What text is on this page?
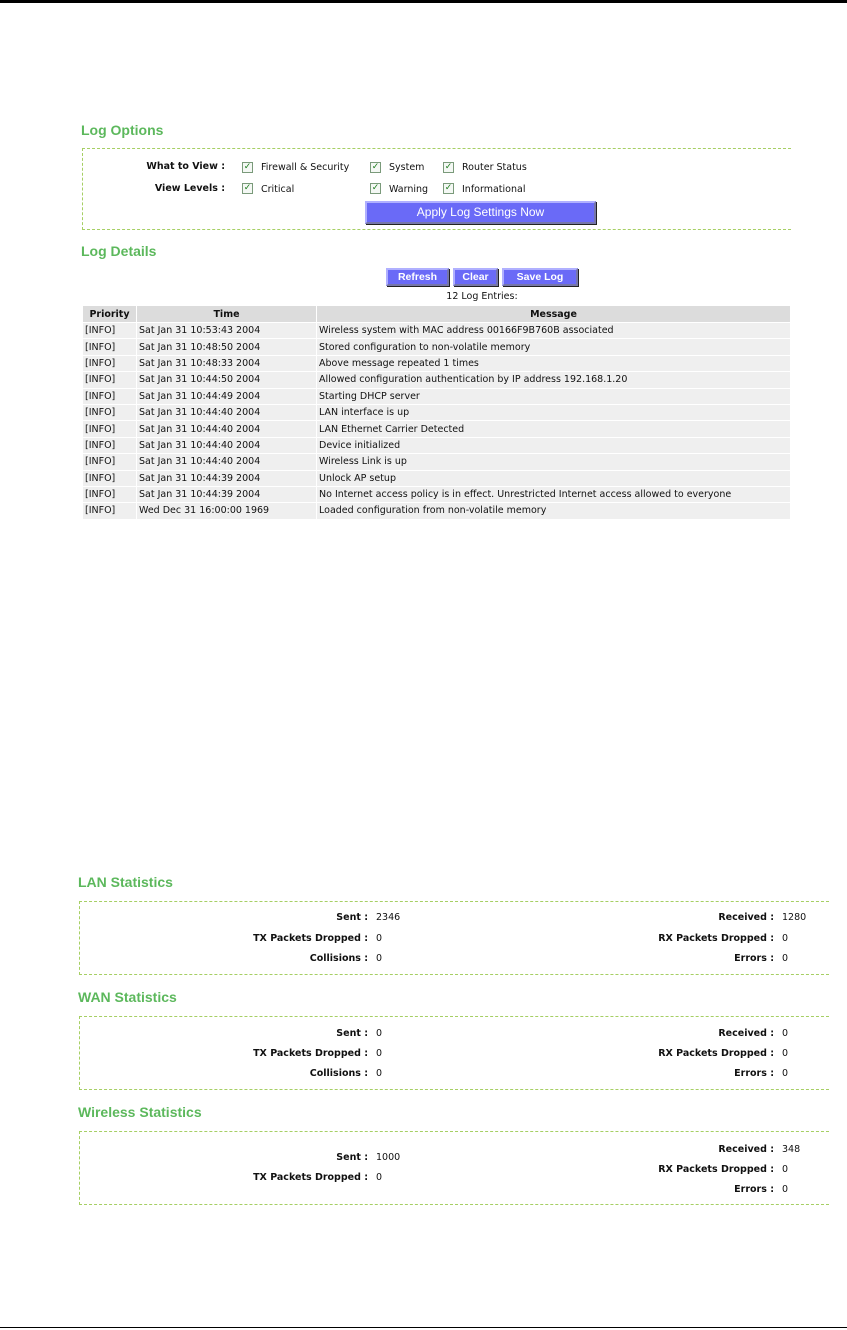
Log Options
What to View : ✓ Firewall & Security ✓ System ✓ Router Status
View Levels : ✓ Critical	✓ Warning ✓ Informational
Apply Log Settings Now
Log Details
Refresh	Clear	Save Log
12 Log Entries:
Priority	Time	Message
[INFO]	Sat Jan 31 10:53:43 2004	Wireless system with MAC address 00166F9B760B associated
[INFO]	Sat Jan 31 10:48:50 2004	Stored configuration to non-volatile memory
[INFO]	Sat Jan 31 10:48:33 2004	Above message repeated 1 times
[INFO]	Sat Jan 31 10:44:50 2004	Allowed configuration authentication by IP address 192.168.1.20
[INFO]	Sat Jan 31 10:44:49 2004	Starting DHCP server
[INFO]	Sat Jan 31 10:44:40 2004	LAN interface is up
[INFO]	Sat Jan 31 10:44:40 2004	LAN Ethernet Carrier Detected
[INFO]	Sat Jan 31 10:44:40 2004	Device initialized
[INFO]	Sat Jan 31 10:44:40 2004	Wireless Link is up
[INFO]	Sat Jan 31 10:44:39 2004	Unlock AP setup
[INFO]	Sat Jan 31 10:44:39 2004	No Internet access policy is in effect. Unrestricted Internet access allowed to everyone
[INFO]	Wed Dec 31 16:00:00 1969	Loaded configuration from non-volatile memory
LAN Statistics
Sent : 2346
TX Packets Dropped : 0
Collisions : 0
Received : 1280
RX Packets Dropped : 0
Errors : 0
WAN Statistics
Sent : 0
TX Packets Dropped : 0
Collisions : 0
Received : 0
RX Packets Dropped : 0
Errors : 0
Wireless Statistics
Sent : 1000
TX Packets Dropped : 0
Received : 348
RX Packets Dropped : 0
Errors : 0
